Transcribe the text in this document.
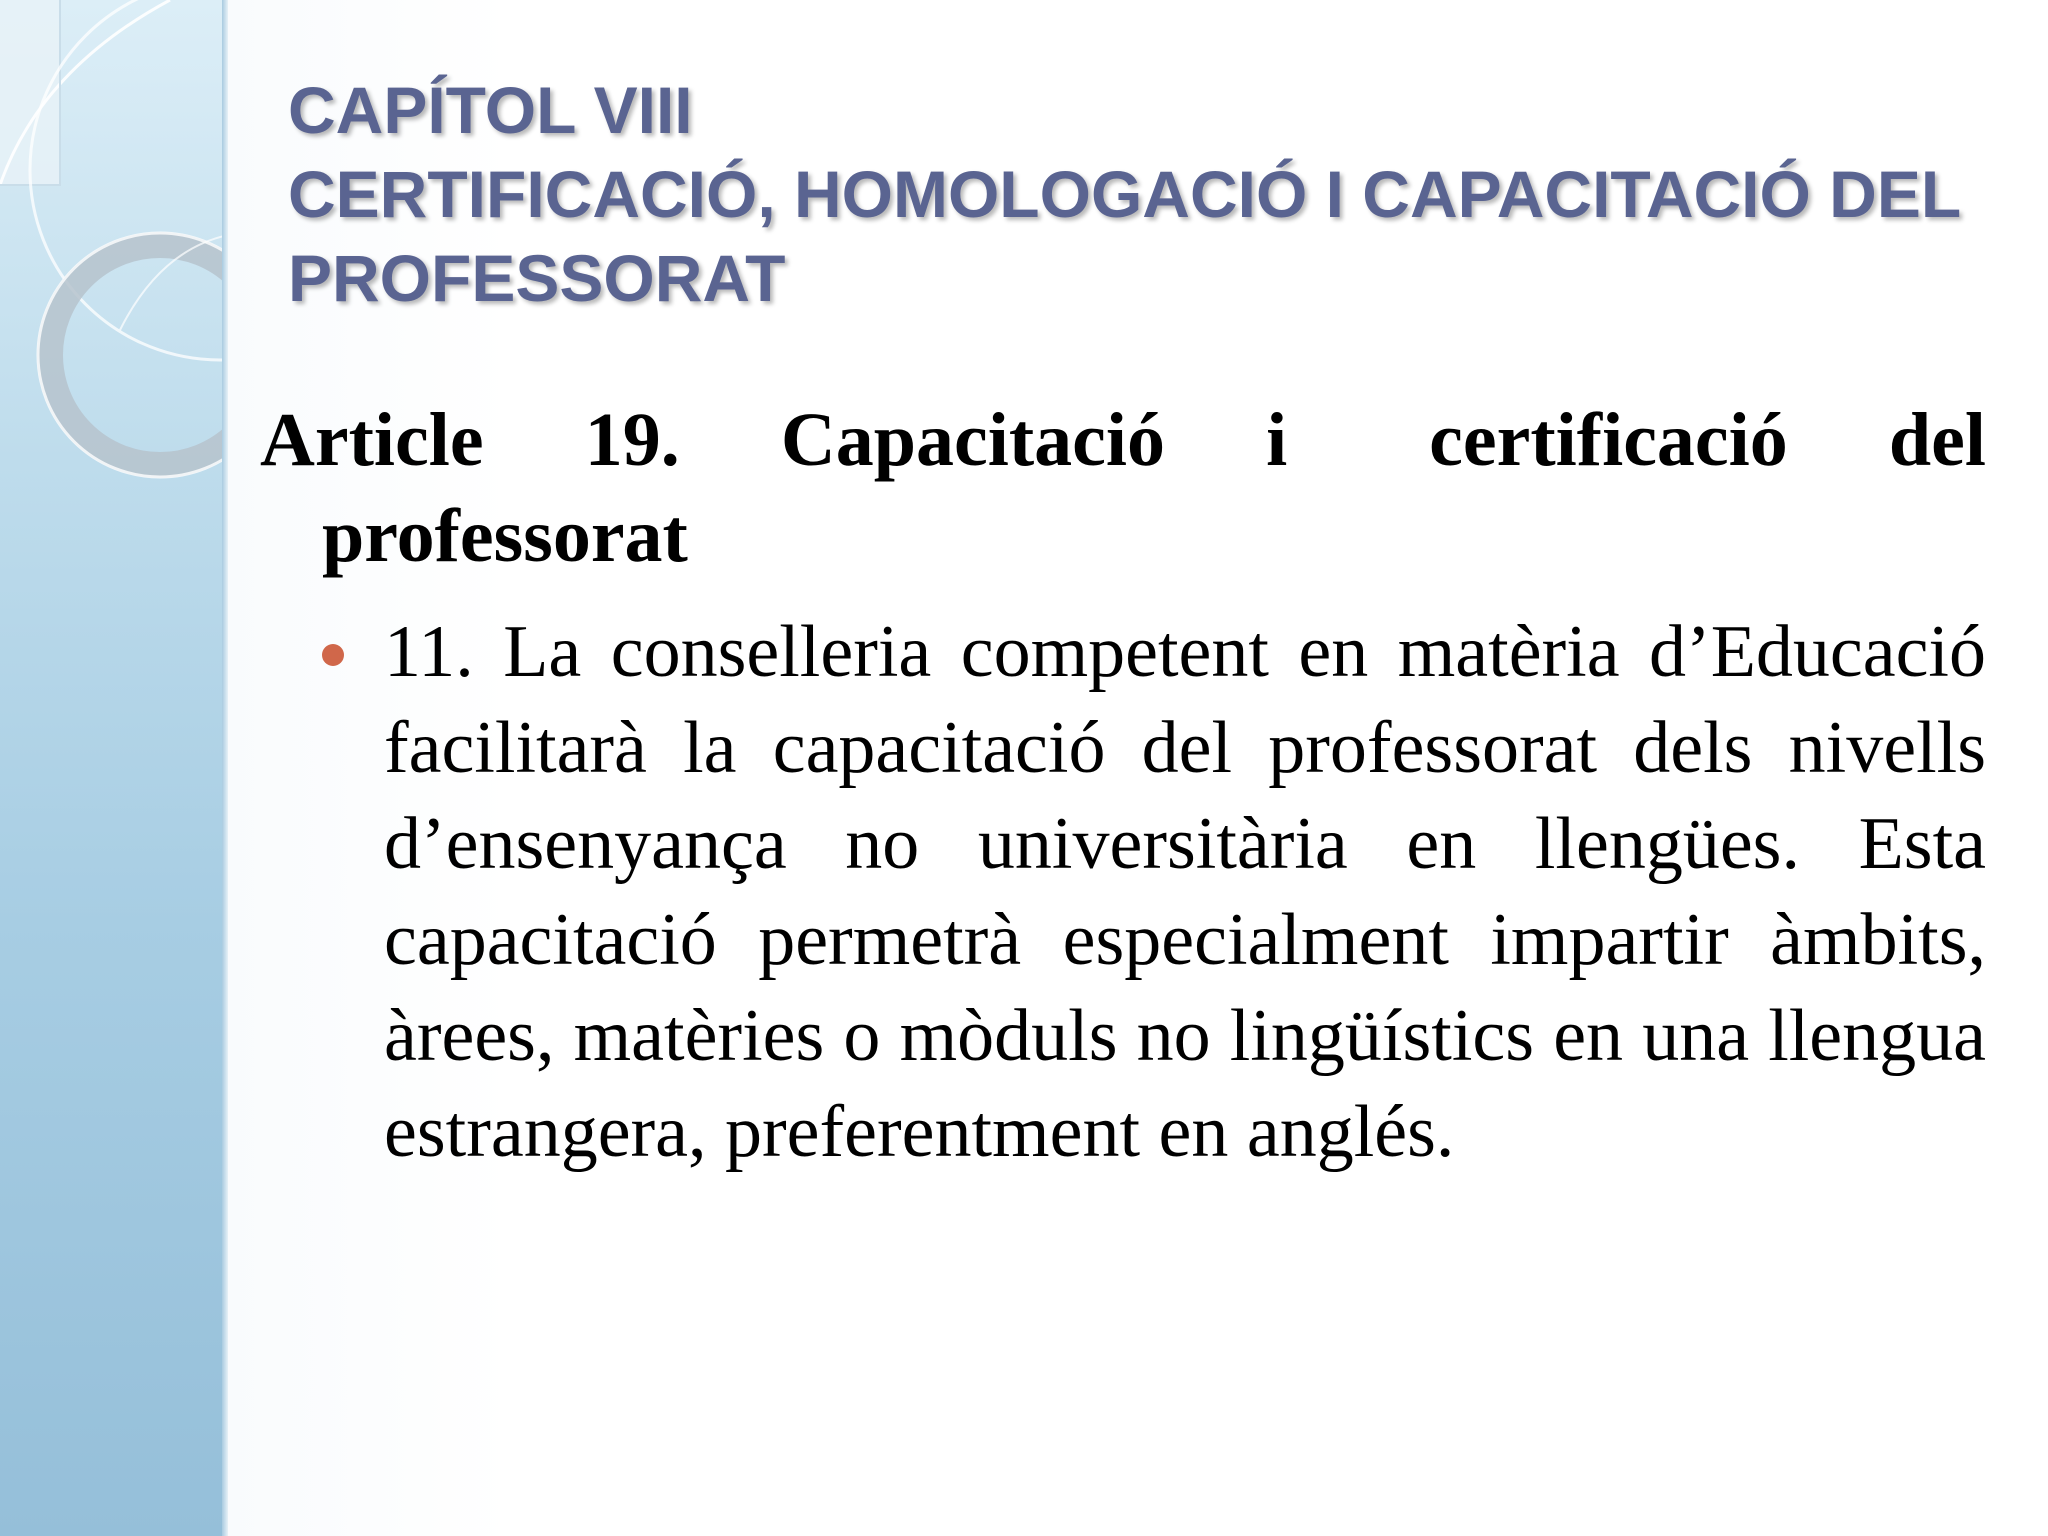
CAPÍTOL VIII
CERTIFICACIÓ, HOMOLOGACIÓ I CAPACITACIÓ DEL
PROFESSORAT
Article 19. Capacitació i	certificació del
professorat
11. La conselleria competent en matèria d’Educació facilitarà la capacitació del professorat dels nivells d’ensenyança no universitària en llengües. Esta capacitació permetrà especialment impartir àmbits, àrees, matèries o mòduls no lingüístics en una llengua estrangera, preferentment en anglés.
